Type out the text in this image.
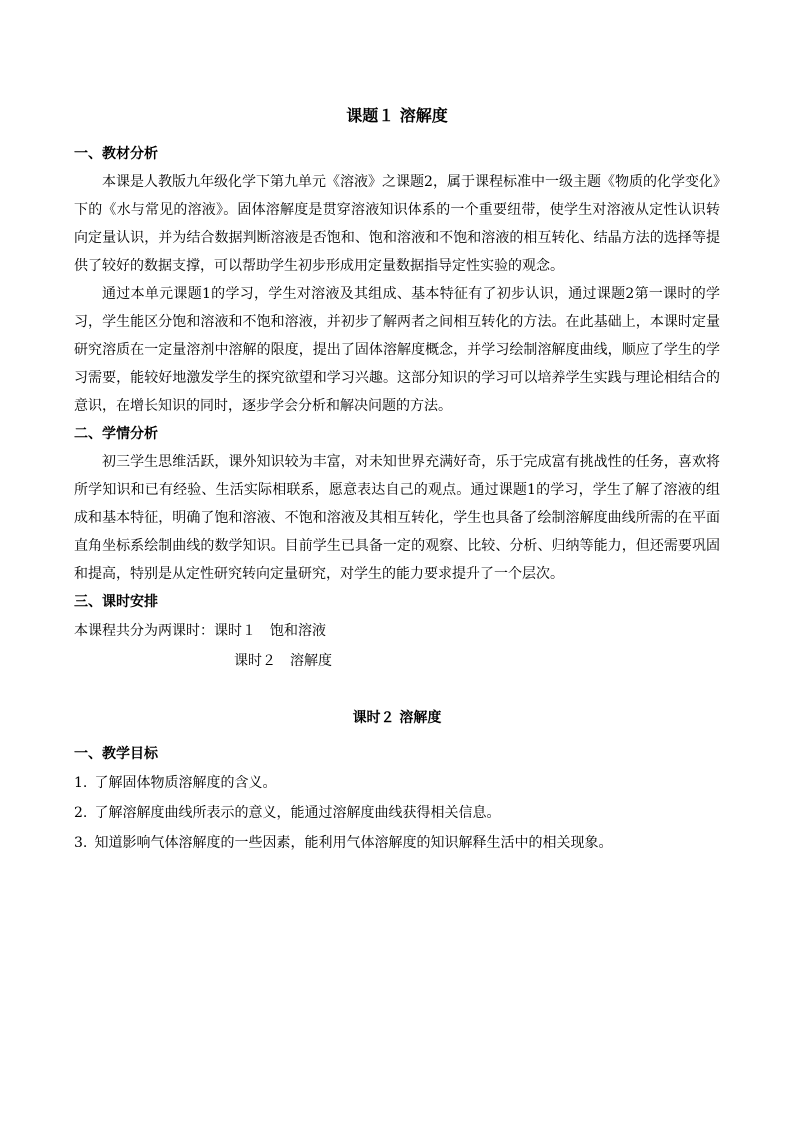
课题１ 溶解度
一、教材分析

本课是人教版九年级化学下第九单元《溶液》之课题2，属于课程标准中一级主题《物质的化学变化》下的《水与常见的溶液》。固体溶解度是贯穿溶液知识体系的一个重要纽带，使学生对溶液从定性认识转向定量认识，并为结合数据判断溶液是否饱和、饱和溶液和不饱和溶液的相互转化、结晶方法的选择等提供了较好的数据支撑，可以帮助学生初步形成用定量数据指导定性实验的观念。

通过本单元课题1的学习，学生对溶液及其组成、基本特征有了初步认识，通过课题2第一课时的学习，学生能区分饱和溶液和不饱和溶液，并初步了解两者之间相互转化的方法。在此基础上，本课时定量研究溶质在一定量溶剂中溶解的限度，提出了固体溶解度概念，并学习绘制溶解度曲线，顺应了学生的学习需要，能较好地激发学生的探究欲望和学习兴趣。这部分知识的学习可以培养学生实践与理论相结合的意识，在增长知识的同时，逐步学会分析和解决问题的方法。

二、学情分析

初三学生思维活跃，课外知识较为丰富，对未知世界充满好奇，乐于完成富有挑战性的任务，喜欢将所学知识和已有经验、生活实际相联系，愿意表达自己的观点。通过课题1的学习，学生了解了溶液的组成和基本特征，明确了饱和溶液、不饱和溶液及其相互转化，学生也具备了绘制溶解度曲线所需的在平面直角坐标系绘制曲线的数学知识。目前学生已具备一定的观察、比较、分析、归纳等能力，但还需要巩固和提高，特别是从定性研究转向定量研究，对学生的能力要求提升了一个层次。

三、课时安排
本课程共分为两课时：课时１　饱和溶液
课时２　溶解度
课时２ 溶解度
一、教学目标

1. 了解固体物质溶解度的含义。

2. 了解溶解度曲线所表示的意义，能通过溶解度曲线获得相关信息。

3. 知道影响气体溶解度的一些因素，能利用气体溶解度的知识解释生活中的相关现象。
